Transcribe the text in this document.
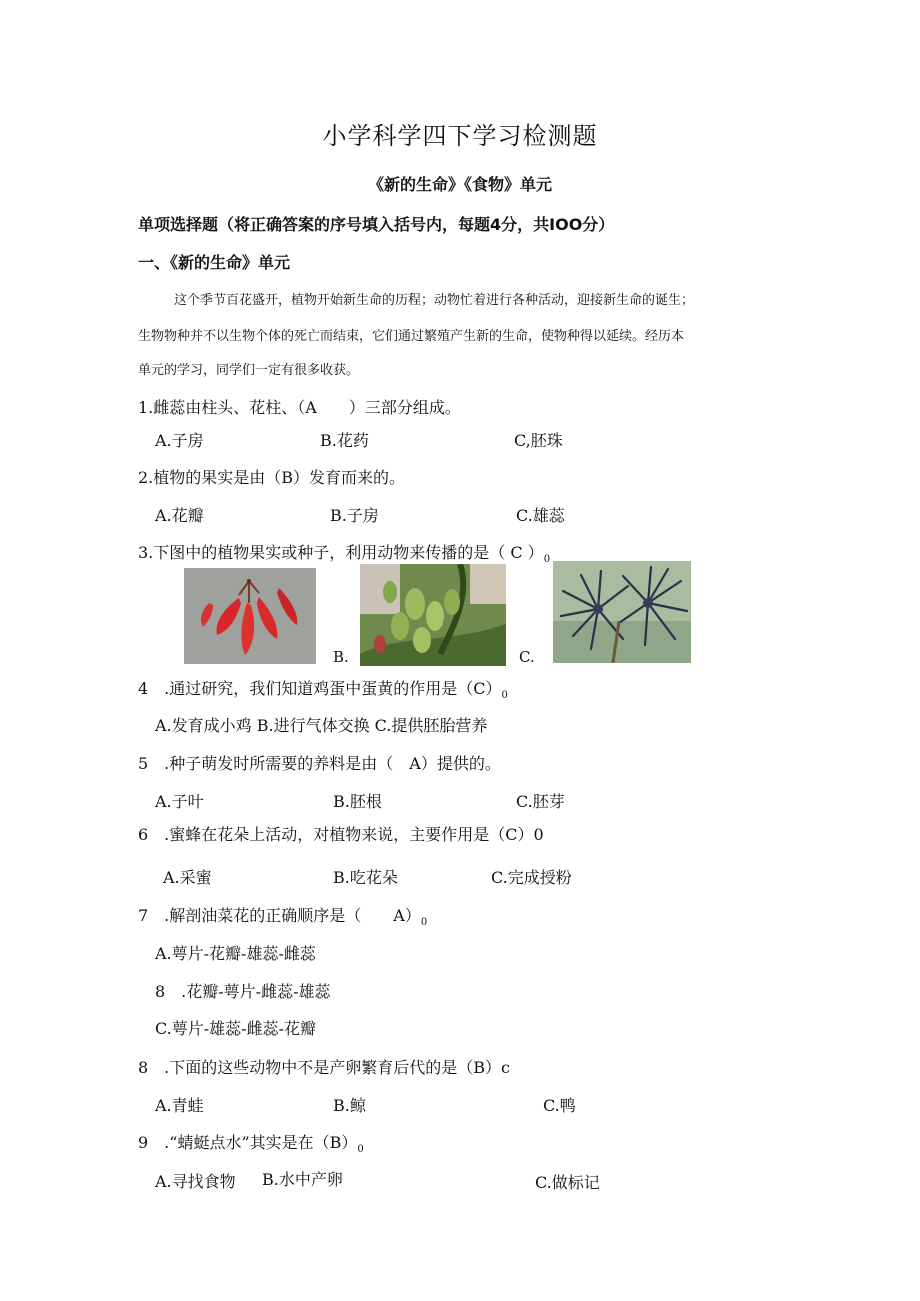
小学科学四下学习检测题
《新的生命》《食物》单元
单项选择题（将正确答案的序号填入括号内，每题4分，共IOO分）
一、《新的生命》单元
这个季节百花盛开，植物开始新生命的历程；动物忙着进行各种活动，迎接新生命的诞生；
生物物种并不以生物个体的死亡而结束，它们通过繁殖产生新的生命，使物种得以延续。经历本
单元的学习，同学们一定有很多收获。
1.雌蕊由柱头、花柱、（A　　）三部分组成。
A.子房	B.花药	C,胚珠
2.植物的果实是由（B）发育而来的。
A.花瓣	B.子房	C.雄蕊
3.下图中的植物果实或种子，利用动物来传播的是（ C ）$_0$
B.	C.
4　.通过研究，我们知道鸡蛋中蛋黄的作用是$(C)_0$
A.发育成小鸡 B.进行气体交换 C.提供胚胎营养
5　.种子萌发时所需要的养料是由（　A）提供的。
A.子叶	B.胚根	C.胚芽
6　.蜜蜂在花朵上活动，对植物来说，主要作用是（C）0
A.采蜜	B.吃花朵	C.完成授粉
7　.解剖油菜花的正确顺序是（　　$A)_0$
A.萼片-花瓣-雄蕊-雌蕊
8　.花瓣-萼片-雌蕊-雄蕊
C.萼片-雄蕊-雌蕊-花瓣
8　.下面的这些动物中不是产卵繁育后代的是（B）c
A.青蛙	B.鲸	C.鸭
9　.“蜻蜓点水”其实是在$(B)_0$
A.寻找食物 B.水中产卵	C.做标记
